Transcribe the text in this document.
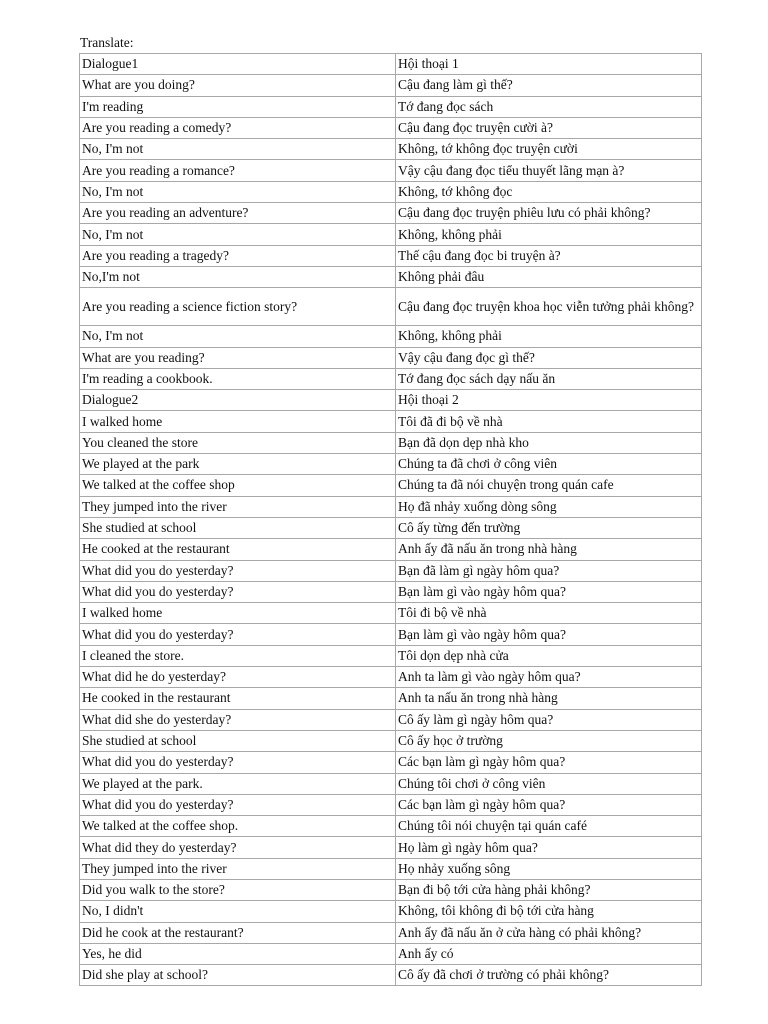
Translate:
Dialogue1	Hội thoại 1
What are you doing?	Cậu đang làm gì thế?
I'm reading	Tớ đang đọc sách
Are you reading a comedy?	Cậu đang đọc truyện cười à?
No, I'm not	Không, tớ không đọc truyện cười
Are you reading a romance?	Vậy cậu đang đọc tiểu thuyết lãng mạn à?
No, I'm not	Không, tớ không đọc
Are you reading an adventure?	Cậu đang đọc truyện phiêu lưu có phải không?
No, I'm not	Không, không phải
Are you reading a tragedy?	Thế cậu đang đọc bi truyện à?
No,I'm not	Không phải đâu
Are you reading a science fiction story?	Cậu đang đọc truyện khoa học viễn tưởng phải không?
No, I'm not	Không, không phải
What are you reading?	Vậy cậu đang đọc gì thế?
I'm reading a cookbook.	Tớ đang đọc sách dạy nấu ăn
Dialogue2	Hội thoại 2
I walked home	Tôi đã đi bộ về nhà
You cleaned the store	Bạn đã dọn dẹp nhà kho
We played at the park	Chúng ta đã chơi ở công viên
We talked at the coffee shop	Chúng ta đã nói chuyện trong quán cafe
They jumped into the river	Họ đã nhảy xuống dòng sông
She studied at school	Cô ấy từng đến trường
He cooked at the restaurant	Anh ấy đã nấu ăn trong nhà hàng
What did you do yesterday?	Bạn đã làm gì ngày hôm qua?
What did you do yesterday?	Bạn làm gì vào ngày hôm qua?
I walked home	Tôi đi bộ về nhà
What did you do yesterday?	Bạn làm gì vào ngày hôm qua?
I cleaned the store.	Tôi dọn dẹp nhà cửa
What did he do yesterday?	Anh ta làm gì vào ngày hôm qua?
He cooked in the restaurant	Anh ta nấu ăn trong nhà hàng
What did she do yesterday?	Cô ấy làm gì ngày hôm qua?
She studied at school	Cô ấy học ở trường
What did you do yesterday?	Các bạn làm gì ngày hôm qua?
We played at the park.	Chúng tôi chơi ở công viên
What did you do yesterday?	Các bạn làm gì ngày hôm qua?
We talked at the coffee shop.	Chúng tôi nói chuyện tại quán café
What did they do yesterday?	Họ làm gì ngày hôm qua?
They jumped into the river	Họ nhảy xuống sông
Did you walk to the store?	Bạn đi bộ tới cửa hàng phải không?
No, I didn't	Không, tôi không đi bộ tới cửa hàng
Did he cook at the restaurant?	Anh ấy đã nấu ăn ở cửa hàng có phải không?
Yes, he did	Anh ấy có
Did she play at school?	Cô ấy đã chơi ở trường có phải không?
